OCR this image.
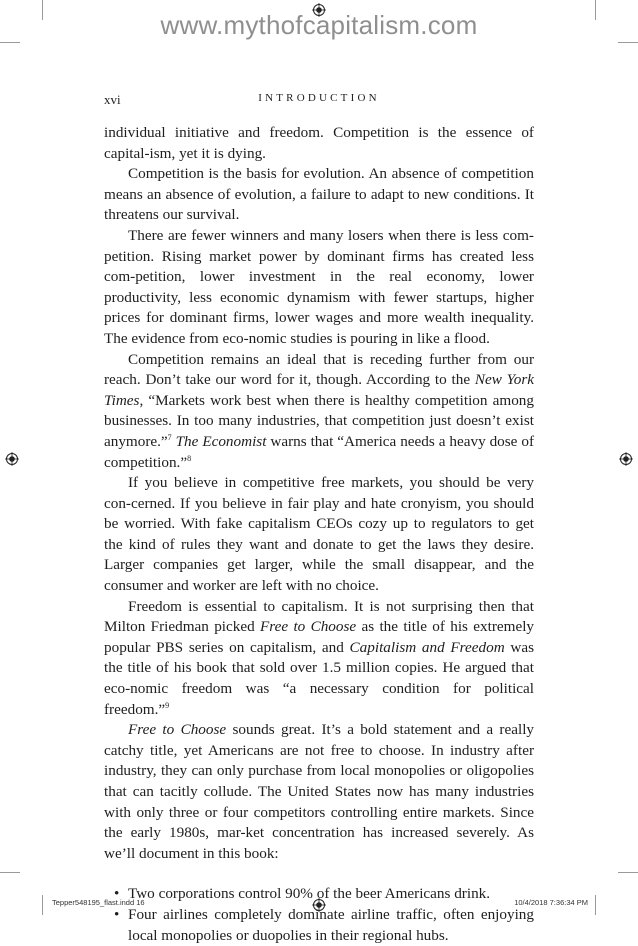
www.mythofcapitalism.com
xvi	INTRODUCTION

individual initiative and freedom. Competition is the essence of capital-ism, yet it is dying.

Competition is the basis for evolution. An absence of competition means an absence of evolution, a failure to adapt to new conditions. It threatens our survival.

There are fewer winners and many losers when there is less com-petition. Rising market power by dominant firms has created less com-petition, lower investment in the real economy, lower productivity, less economic dynamism with fewer startups, higher prices for dominant firms, lower wages and more wealth inequality. The evidence from eco-nomic studies is pouring in like a flood.

Competition remains an ideal that is receding further from our reach. Don’t take our word for it, though. According to the New York Times, “Markets work best when there is healthy competition among businesses. In too many industries, that competition just doesn’t exist anymore.”$^7$ The Economist warns that “America needs a heavy dose of competition.”$^8$

If you believe in competitive free markets, you should be very con-cerned. If you believe in fair play and hate cronyism, you should be worried. With fake capitalism CEOs cozy up to regulators to get the kind of rules they want and donate to get the laws they desire. Larger companies get larger, while the small disappear, and the consumer and worker are left with no choice.

Freedom is essential to capitalism. It is not surprising then that Milton Friedman picked Free to Choose as the title of his extremely popular PBS series on capitalism, and Capitalism and Freedom was the title of his book that sold over 1.5 million copies. He argued that eco-nomic freedom was “a necessary condition for political freedom.”$^9$

Free to Choose sounds great. It’s a bold statement and a really catchy title, yet Americans are not free to choose. In industry after industry, they can only purchase from local monopolies or oligopolies that can tacitly collude. The United States now has many industries with only three or four competitors controlling entire markets. Since the early 1980s, mar-ket concentration has increased severely. As we’ll document in this book:

• Two corporations control 90% of the beer Americans drink.
• Four airlines completely dominate airline traffic, often enjoying local monopolies or duopolies in their regional hubs.
Tepper548195_flast.indd 16	10/4/2018 7:36:34 PM
